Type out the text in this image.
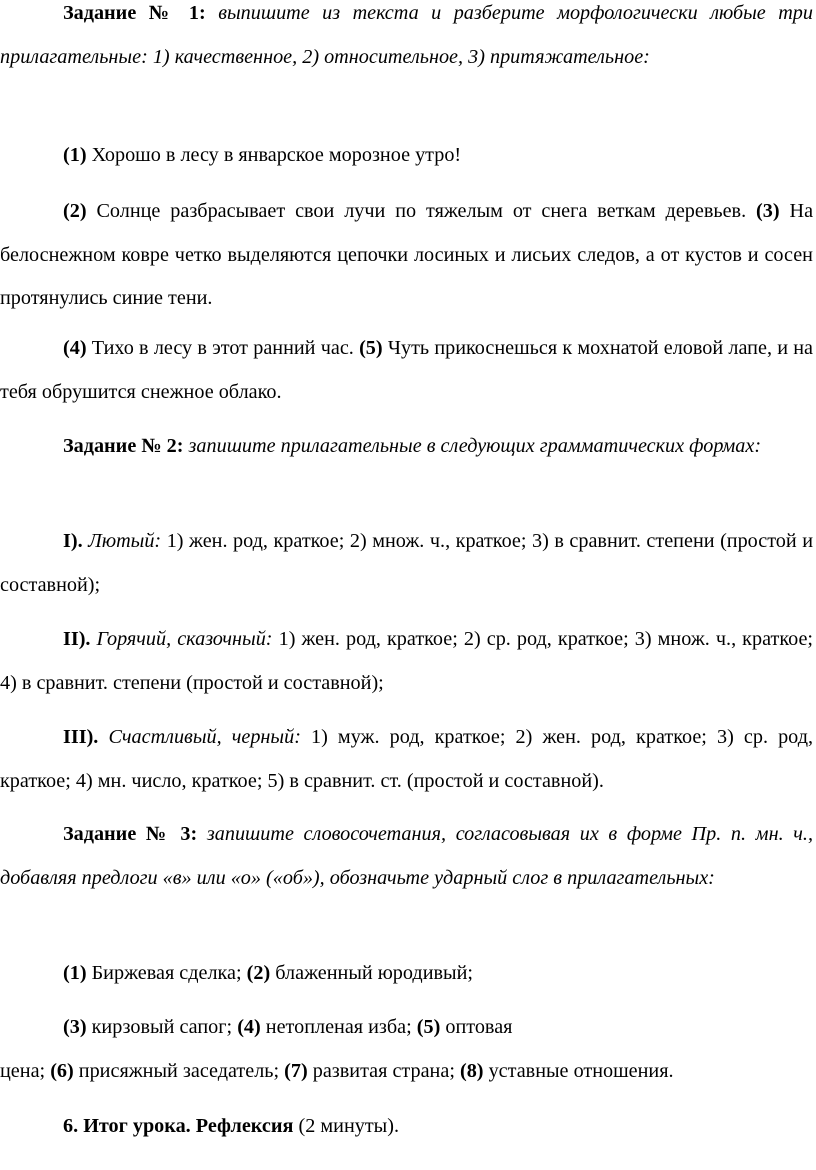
Задание № 1: выпишите из текста и разберите морфологически любые три прилагательные: 1) качественное, 2) относительное, 3) притяжательное:

(1) Хорошо в лесу в январское морозное утро!

(2) Солнце разбрасывает свои лучи по тяжелым от снега веткам деревьев. (3) На белоснежном ковре четко выделяются цепочки лосиных и лисьих следов, а от кустов и сосен протянулись синие тени.

(4) Тихо в лесу в этот ранний час. (5) Чуть прикоснешься к мохнатой еловой лапе, и на тебя обрушится снежное облако.

Задание № 2: запишите прилагательные в следующих грамматических формах:

I). Лютый: 1) жен. род, краткое; 2) множ. ч., краткое; 3) в сравнит. степени (простой и составной);

II). Горячий, сказочный: 1) жен. род, краткое; 2) ср. род, краткое; 3) множ. ч., краткое; 4) в сравнит. степени (простой и составной);

III). Счастливый, черный: 1) муж. род, краткое; 2) жен. род, краткое; 3) ср. род, краткое; 4) мн. число, краткое; 5) в сравнит. ст. (простой и составной).

Задание № 3: запишите словосочетания, согласовывая их в форме Пр. п. мн. ч., добавляя предлоги «в» или «о» («об»), обозначьте ударный слог в прилагательных:

(1) Биржевая сделка; (2) блаженный юродивый;

(3) кирзовый сапог; (4) нетопленая изба; (5) оптовая

цена; (6) присяжный заседатель; (7) развитая страна; (8) уставные отношения.

6. Итог урока. Рефлексия (2 минуты).
